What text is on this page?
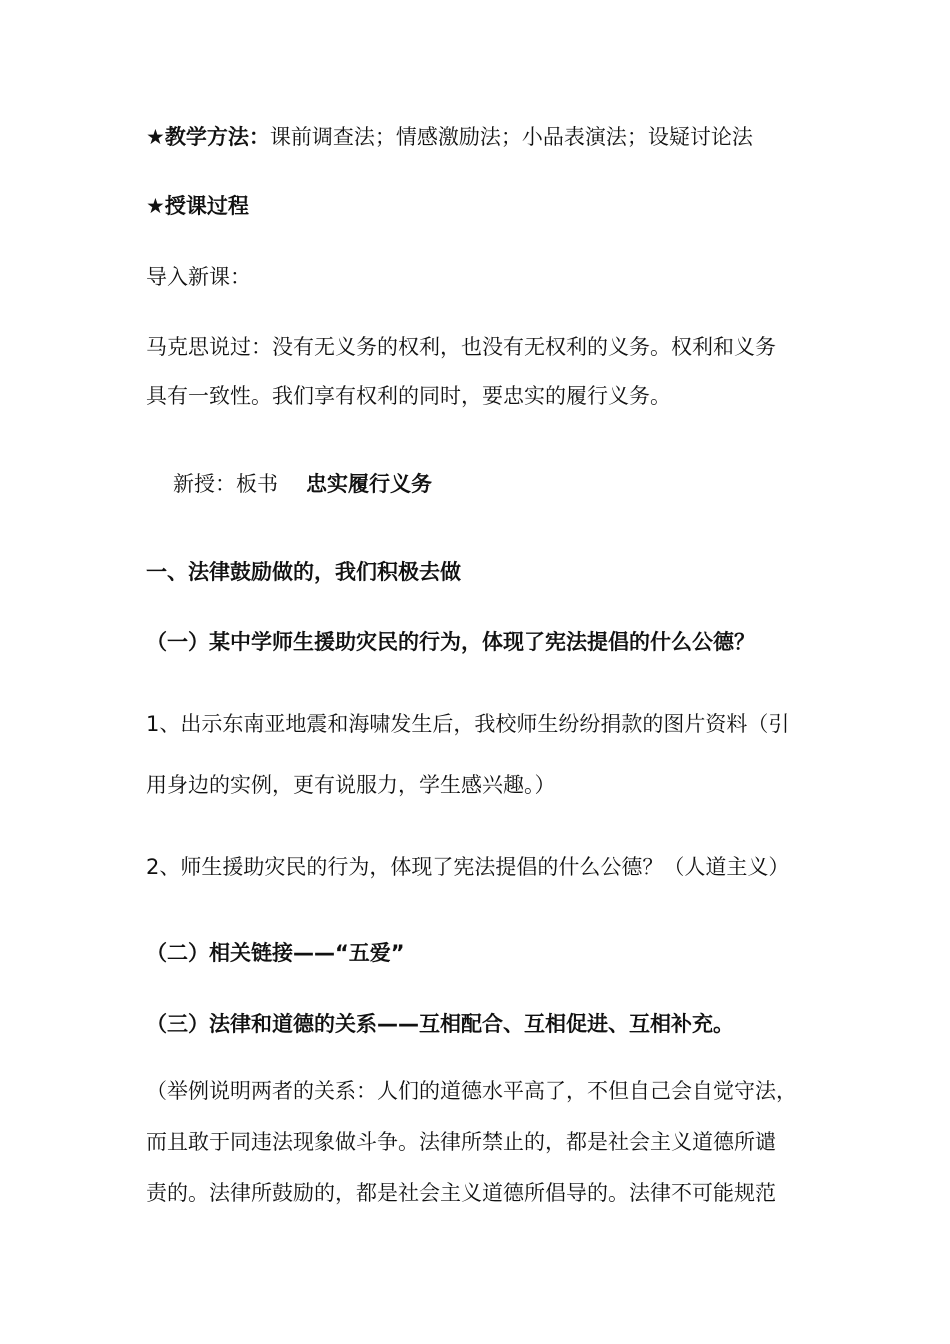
★教学方法：课前调查法；情感激励法；小品表演法；设疑讨论法
★授课过程
导入新课：
马克思说过：没有无义务的权利，也没有无权利的义务。权利和义务
具有一致性。我们享有权利的同时，要忠实的履行义务。
新授：板书 忠实履行义务
一、法律鼓励做的，我们积极去做
（一）某中学师生援助灾民的行为，体现了宪法提倡的什么公德？
1、出示东南亚地震和海啸发生后，我校师生纷纷捐款的图片资料（引
用身边的实例，更有说服力，学生感兴趣。）
2、师生援助灾民的行为，体现了宪法提倡的什么公德？（人道主义）
（二）相关链接——“五爱”
（三）法律和道德的关系——互相配合、互相促进、互相补充。
（举例说明两者的关系：人们的道德水平高了，不但自己会自觉守法，
而且敢于同违法现象做斗争。法律所禁止的，都是社会主义道德所谴
责的。法律所鼓励的，都是社会主义道德所倡导的。法律不可能规范
